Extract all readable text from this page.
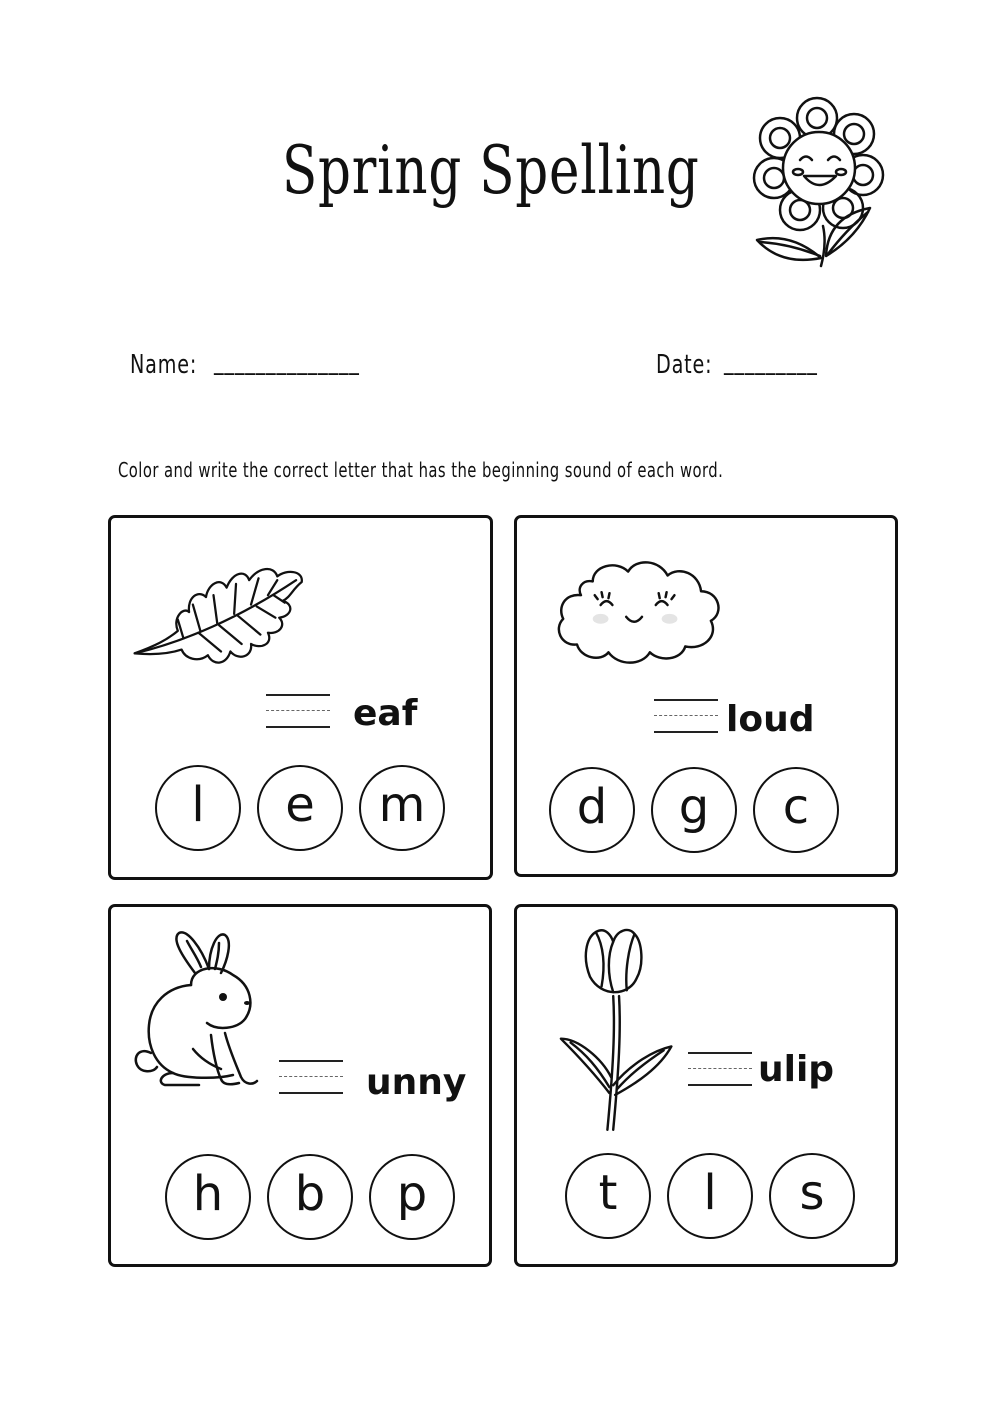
Spring Spelling
Name: ______________	Date: _________
Color and write the correct letter that has the beginning sound of each word.
eaf
l	e	m
loud
d	g	c
unny
h	b	p
ulip
t	l	s
